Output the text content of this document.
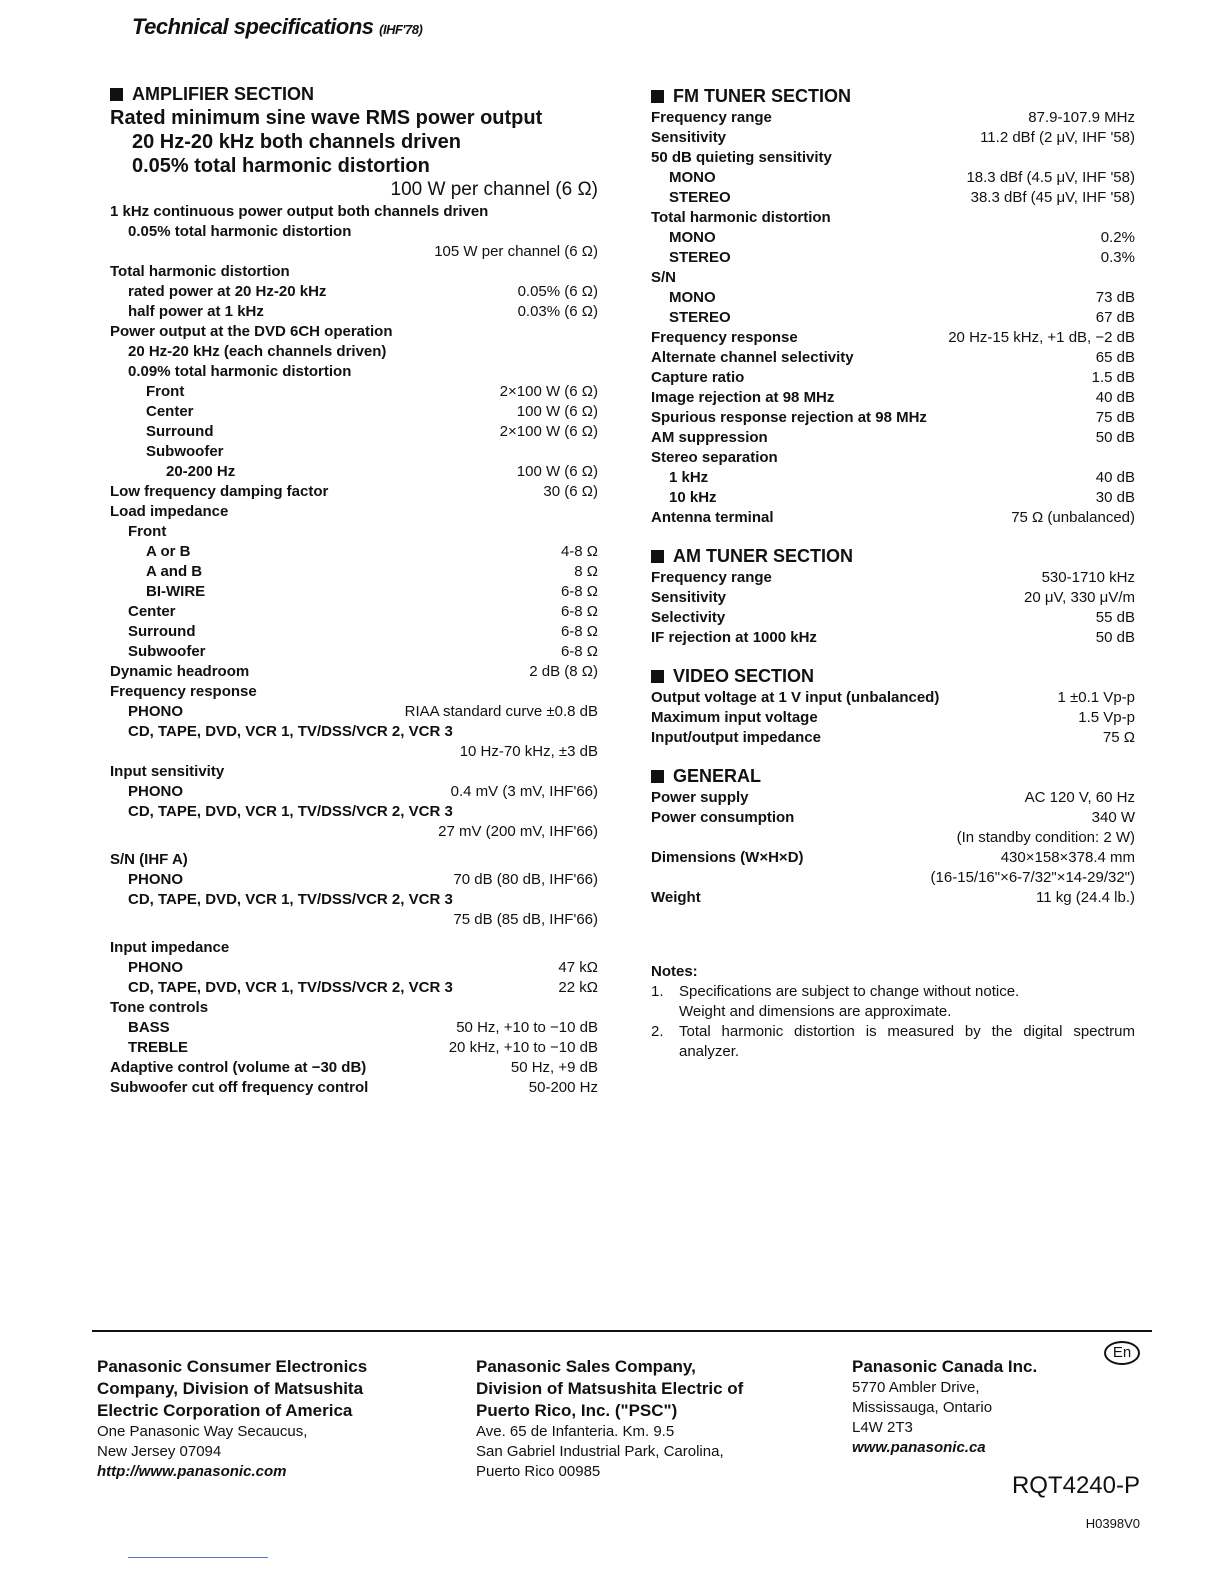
Technical specifications (IHF'78)
AMPLIFIER SECTION
Rated minimum sine wave RMS power output
20 Hz-20 kHz both channels driven
0.05% total harmonic distortion
100 W per channel (6 Ω)
1 kHz continuous power output both channels driven
0.05% total harmonic distortion
105 W per channel (6 Ω)
Total harmonic distortion
rated power at 20 Hz-20 kHz	0.05% (6 Ω)
half power at 1 kHz	0.03% (6 Ω)
Power output at the DVD 6CH operation
20 Hz-20 kHz (each channels driven)
0.09% total harmonic distortion
Front	2×100 W (6 Ω)
Center	100 W (6 Ω)
Surround	2×100 W (6 Ω)
Subwoofer
20-200 Hz	100 W (6 Ω)
Low frequency damping factor	30 (6 Ω)
Load impedance
Front
A or B	4-8 Ω
A and B	8 Ω
BI-WIRE	6-8 Ω
Center	6-8 Ω
Surround	6-8 Ω
Subwoofer	6-8 Ω
Dynamic headroom	2 dB (8 Ω)
Frequency response
PHONO	RIAA standard curve ±0.8 dB
CD, TAPE, DVD, VCR 1, TV/DSS/VCR 2, VCR 3
10 Hz-70 kHz, ±3 dB
Input sensitivity
PHONO	0.4 mV (3 mV, IHF'66)
CD, TAPE, DVD, VCR 1, TV/DSS/VCR 2, VCR 3
27 mV (200 mV, IHF'66)
S/N (IHF A)
PHONO	70 dB (80 dB, IHF'66)
CD, TAPE, DVD, VCR 1, TV/DSS/VCR 2, VCR 3
75 dB (85 dB, IHF'66)
Input impedance
PHONO	47 kΩ
CD, TAPE, DVD, VCR 1, TV/DSS/VCR 2, VCR 3	22 kΩ
Tone controls
BASS	50 Hz, +10 to −10 dB
TREBLE	20 kHz, +10 to −10 dB
Adaptive control (volume at −30 dB)	50 Hz, +9 dB
Subwoofer cut off frequency control	50-200 Hz
FM TUNER SECTION
Frequency range	87.9-107.9 MHz
Sensitivity	11.2 dBf (2 μV, IHF '58)
50 dB quieting sensitivity
MONO	18.3 dBf (4.5 μV, IHF '58)
STEREO	38.3 dBf (45 μV, IHF '58)
Total harmonic distortion
MONO	0.2%
STEREO	0.3%
S/N
MONO	73 dB
STEREO	67 dB
Frequency response	20 Hz-15 kHz, +1 dB, −2 dB
Alternate channel selectivity	65 dB
Capture ratio	1.5 dB
Image rejection at 98 MHz	40 dB
Spurious response rejection at 98 MHz	75 dB
AM suppression	50 dB
Stereo separation
1 kHz	40 dB
10 kHz	30 dB
Antenna terminal	75 Ω (unbalanced)
AM TUNER SECTION
Frequency range	530-1710 kHz
Sensitivity	20 μV, 330 μV/m
Selectivity	55 dB
IF rejection at 1000 kHz	50 dB
VIDEO SECTION
Output voltage at 1 V input (unbalanced)	1 ±0.1 Vp-p
Maximum input voltage	1.5 Vp-p
Input/output impedance	75 Ω
GENERAL
Power supply	AC 120 V, 60 Hz
Power consumption	340 W
(In standby condition: 2 W)
Dimensions (W×H×D)	430×158×378.4 mm
(16-15/16"×6-7/32"×14-29/32")
Weight	11 kg (24.4 lb.)
Notes:
1.	Specifications are subject to change without notice.
Weight and dimensions are approximate.
2.	Total harmonic distortion is measured by the digital spectrum analyzer.
Panasonic Consumer Electronics
Company, Division of Matsushita
Electric Corporation of America
One Panasonic Way Secaucus,
New Jersey 07094
http://www.panasonic.com
Panasonic Sales Company,
Division of Matsushita Electric of
Puerto Rico, Inc. ("PSC")
Ave. 65 de Infanteria. Km. 9.5
San Gabriel Industrial Park, Carolina,
Puerto Rico 00985
Panasonic Canada Inc.
5770 Ambler Drive,
Mississauga, Ontario
L4W 2T3
www.panasonic.ca
En
RQT4240-P
H0398V0
